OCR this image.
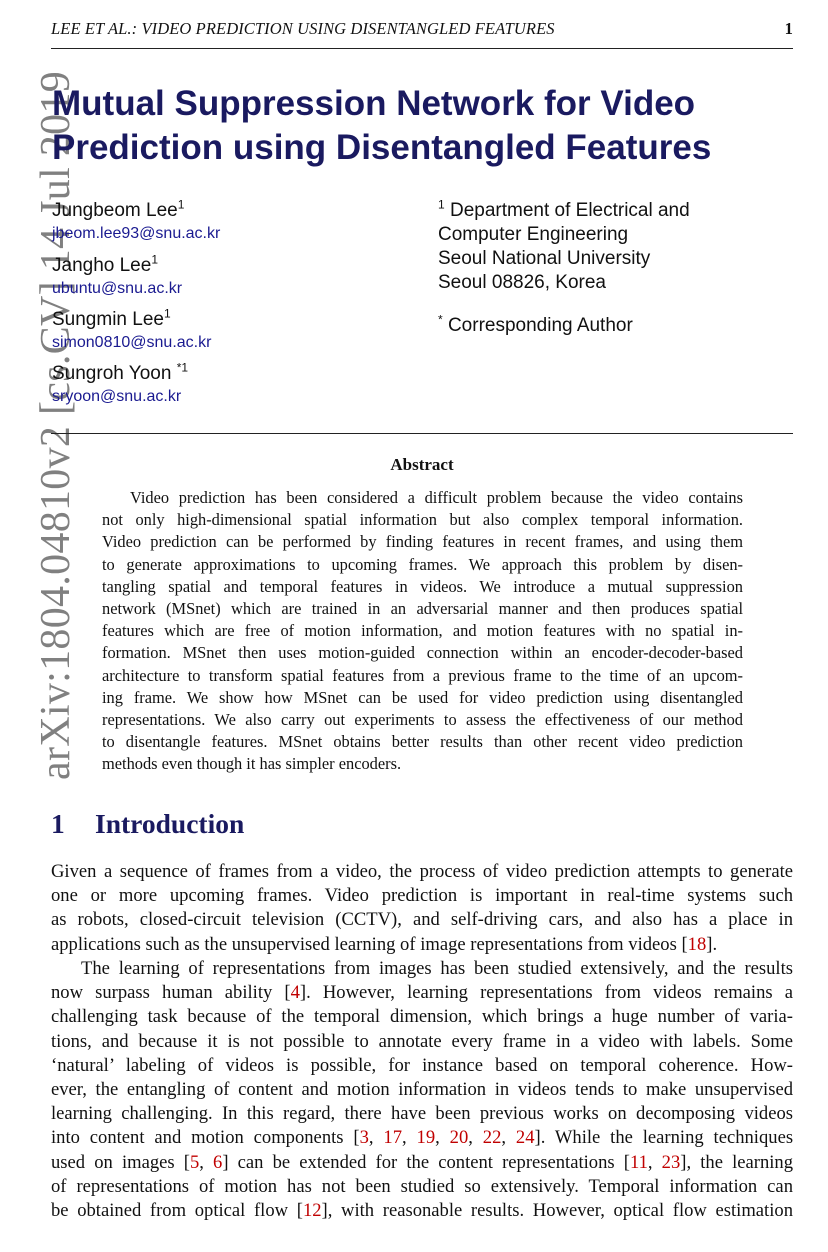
LEE ET AL.: VIDEO PREDICTION USING DISENTANGLED FEATURES	1
arXiv:1804.04810v2 [cs.CV] 14 Jul 2019
Mutual Suppression Network for Video
Prediction using Disentangled Features
Jungbeom Lee$^1$
jbeom.lee93@snu.ac.kr
Jangho Lee$^1$
ubuntu@snu.ac.kr
Sungmin Lee$^1$
simon0810@snu.ac.kr
Sungroh Yoon $^{*1}$
sryoon@snu.ac.kr
$^1$ Department of Electrical and
Computer Engineering
Seoul National University
Seoul 08826, Korea
* Corresponding Author
Abstract
Video prediction has been considered a difficult problem because the video contains
not only high-dimensional spatial information but also complex temporal information.
Video prediction can be performed by finding features in recent frames, and using them
to generate approximations to upcoming frames. We approach this problem by disen-
tangling spatial and temporal features in videos. We introduce a mutual suppression
network (MSnet) which are trained in an adversarial manner and then produces spatial
features which are free of motion information, and motion features with no spatial in-
formation. MSnet then uses motion-guided connection within an encoder-decoder-based
architecture to transform spatial features from a previous frame to the time of an upcom-
ing frame. We show how MSnet can be used for video prediction using disentangled
representations. We also carry out experiments to assess the effectiveness of our method
to disentangle features. MSnet obtains better results than other recent video prediction
methods even though it has simpler encoders.
1 Introduction
Given a sequence of frames from a video, the process of video prediction attempts to generate
one or more upcoming frames. Video prediction is important in real-time systems such
as robots, closed-circuit television (CCTV), and self-driving cars, and also has a place in
applications such as the unsupervised learning of image representations from videos [18].
The learning of representations from images has been studied extensively, and the results
now surpass human ability [4]. However, learning representations from videos remains a
challenging task because of the temporal dimension, which brings a huge number of varia-
tions, and because it is not possible to annotate every frame in a video with labels. Some
‘natural’ labeling of videos is possible, for instance based on temporal coherence. How-
ever, the entangling of content and motion information in videos tends to make unsupervised
learning challenging. In this regard, there have been previous works on decomposing videos
into content and motion components [3, 17, 19, 20, 22, 24]. While the learning techniques
used on images [5, 6] can be extended for the content representations [11, 23], the learning
of representations of motion has not been studied so extensively. Temporal information can
be obtained from optical flow [12], with reasonable results. However, optical flow estimation
